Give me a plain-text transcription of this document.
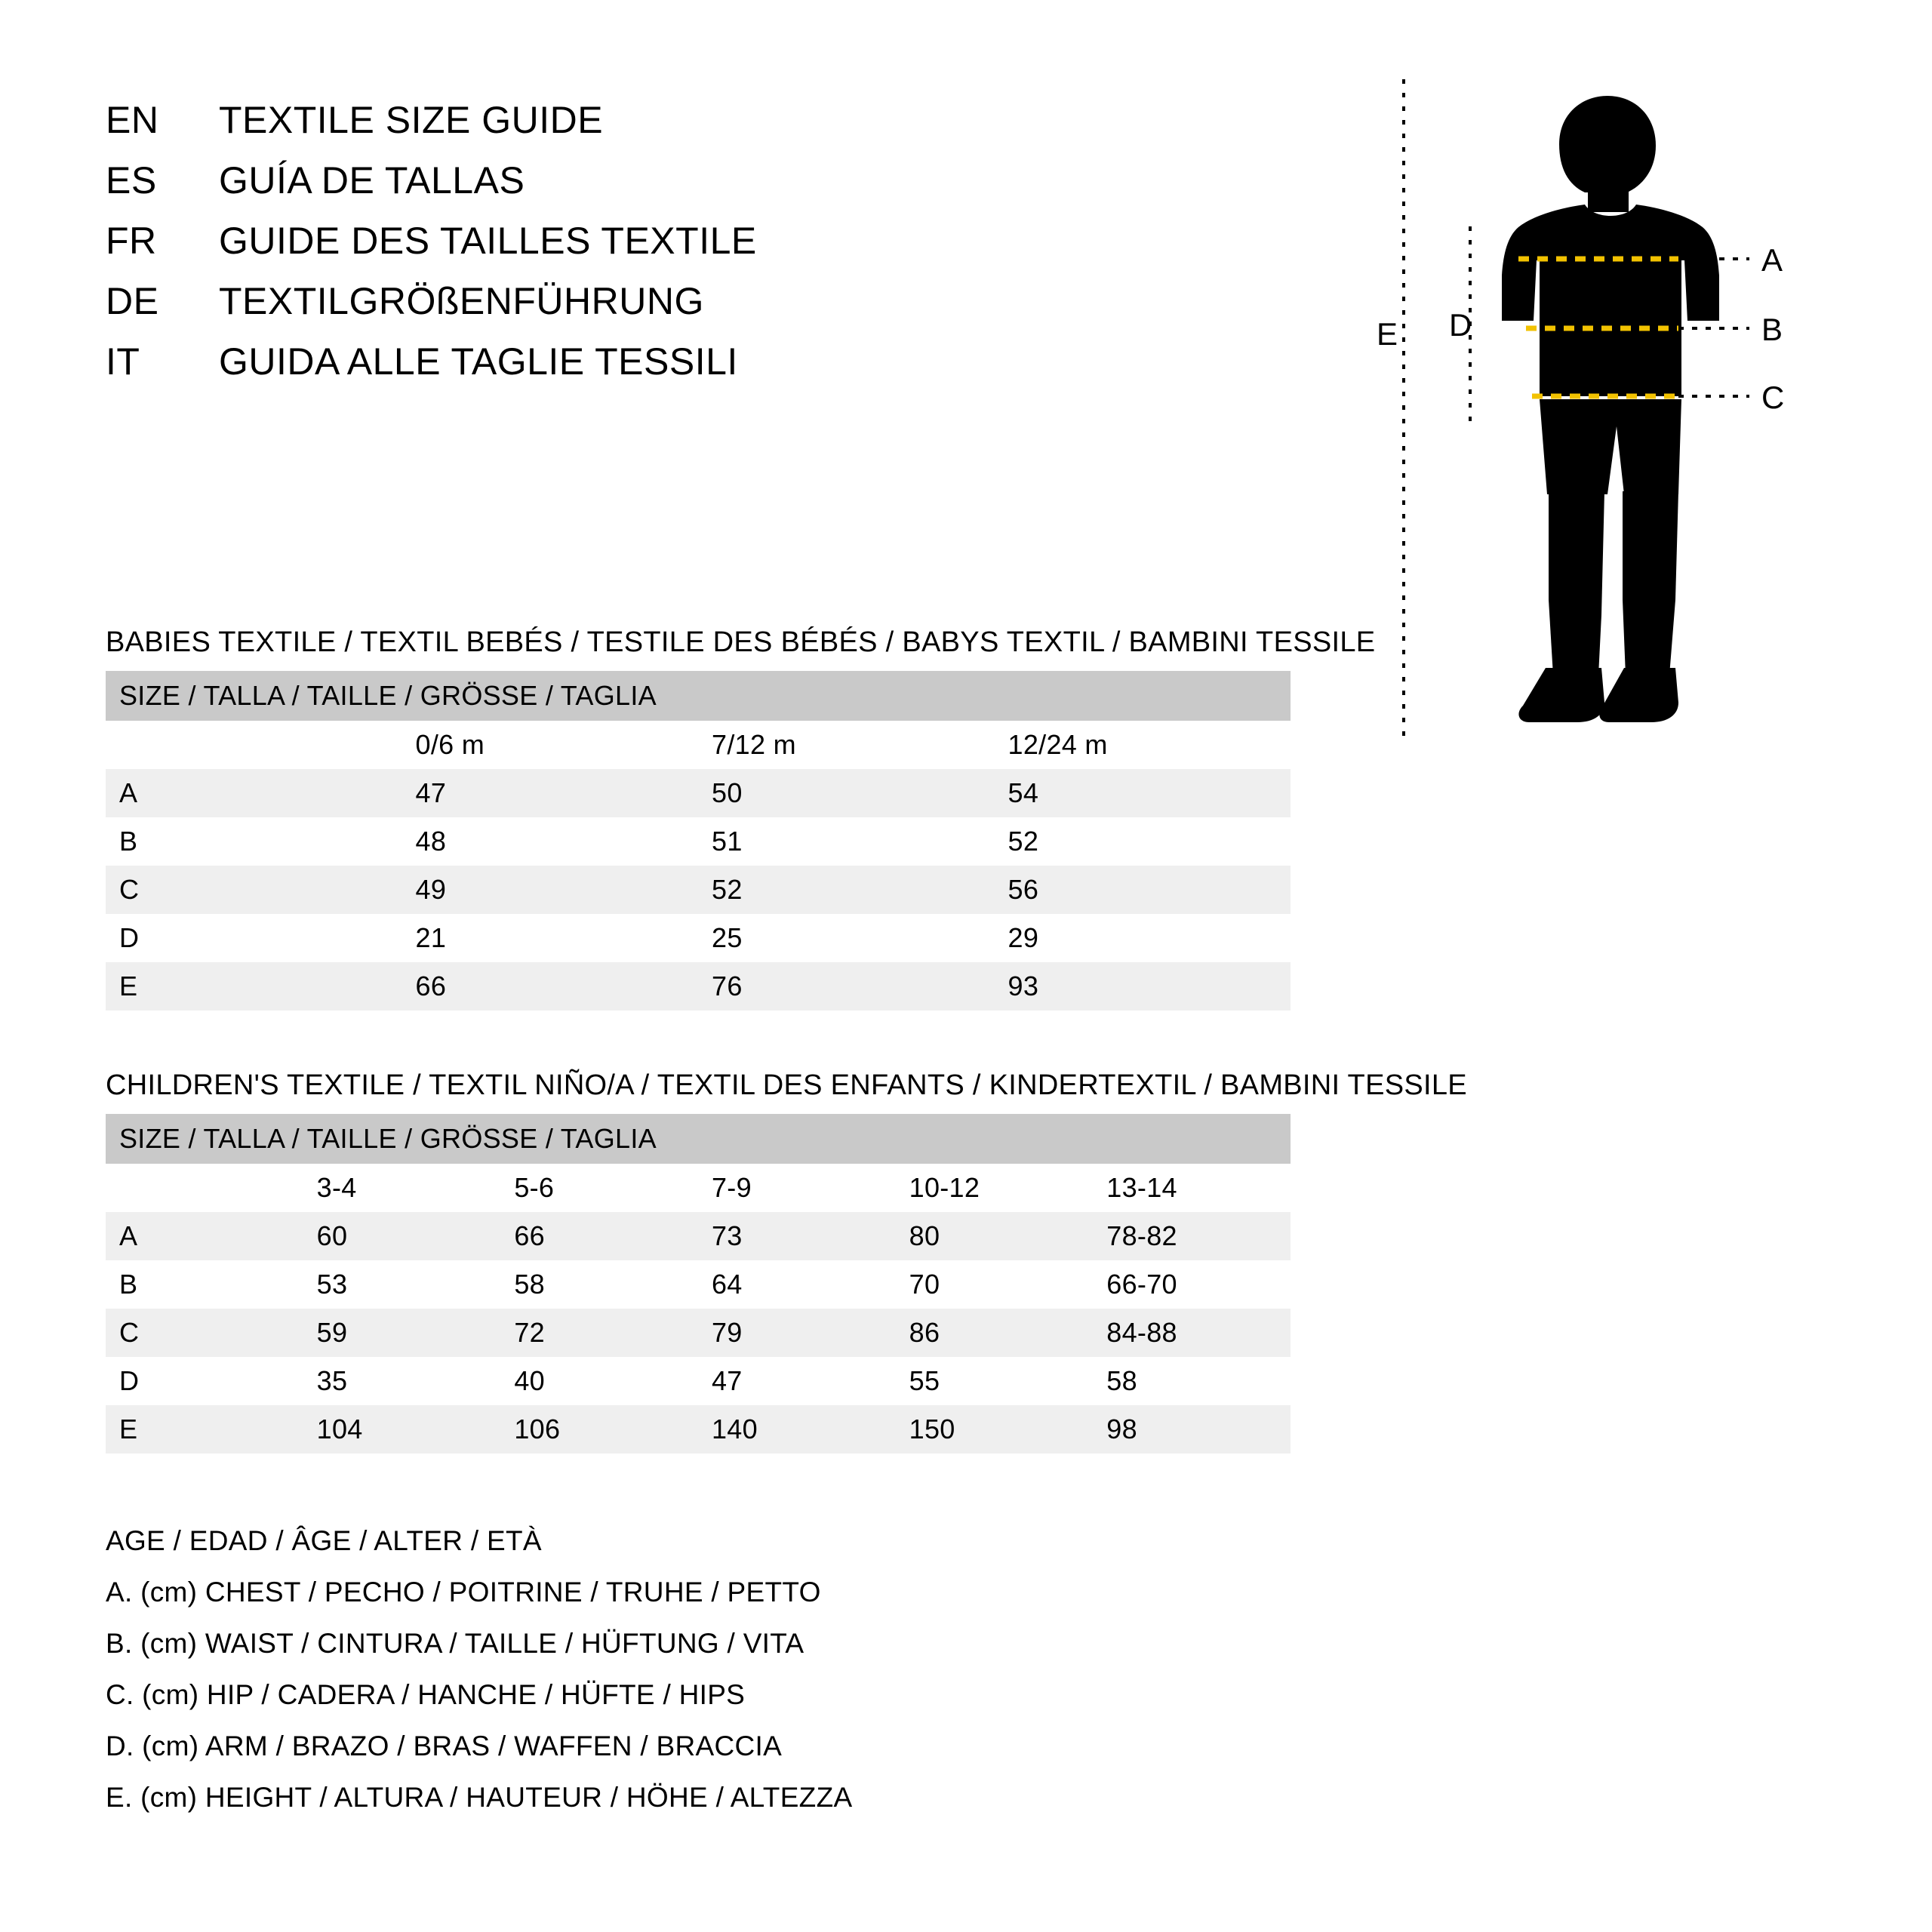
EN	TEXTILE SIZE GUIDE
ES	GUÍA DE TALLAS
FR	GUIDE DES TAILLES TEXTILE
DE	TEXTILGRÖßENFÜHRUNG
IT	GUIDA ALLE TAGLIE TESSILI
A
B
C
D
E
BABIES TEXTILE / TEXTIL BEBÉS / TESTILE DES BÉBÉS / BABYS TEXTIL / BAMBINI TESSILE
SIZE / TALLA / TAILLE / GRÖSSE / TAGLIA			
	0/6 m	7/12 m	12/24 m
A	47	50	54
B	48	51	52
C	49	52	56
D	21	25	29
E	66	76	93
CHILDREN'S TEXTILE / TEXTIL NIÑO/A / TEXTIL DES ENFANTS / KINDERTEXTIL / BAMBINI TESSILE
SIZE / TALLA / TAILLE / GRÖSSE / TAGLIA					
	3-4	5-6	7-9	10-12	13-14
A	60	66	73	80	78-82
B	53	58	64	70	66-70
C	59	72	79	86	84-88
D	35	40	47	55	58
E	104	106	140	150	98
AGE / EDAD / ÂGE / ALTER / ETÀ
A. (cm) CHEST / PECHO / POITRINE / TRUHE / PETTO
B. (cm) WAIST / CINTURA / TAILLE / HÜFTUNG / VITA
C. (cm) HIP / CADERA / HANCHE / HÜFTE / HIPS
D. (cm) ARM / BRAZO / BRAS / WAFFEN / BRACCIA
E. (cm) HEIGHT / ALTURA / HAUTEUR / HÖHE / ALTEZZA
